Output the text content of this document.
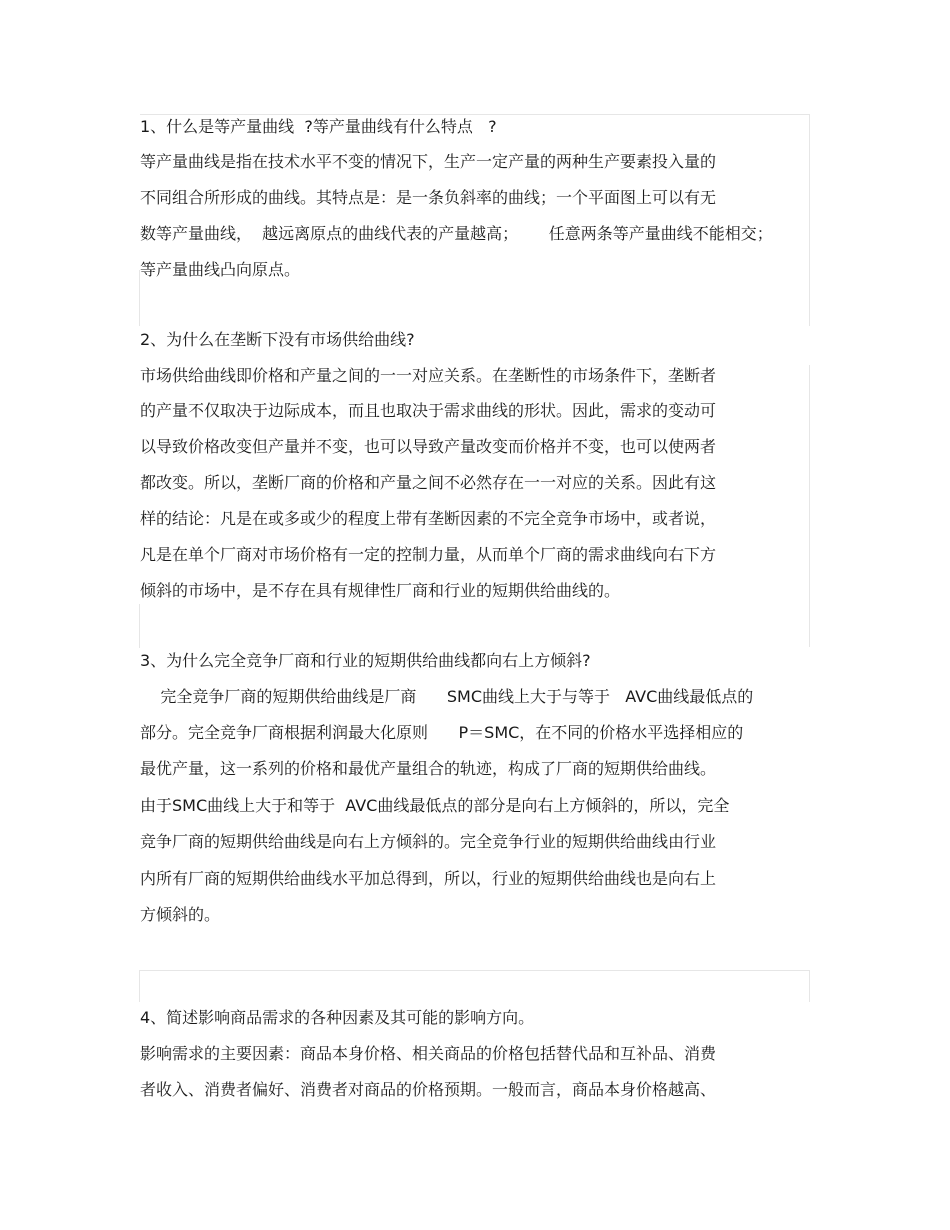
1、什么是等产量曲线  ?等产量曲线有什么特点   ?
等产量曲线是指在技术水平不变的情况下，生产一定产量的两种生产要素投入量的
不同组合所形成的曲线。其特点是：是一条负斜率的曲线；一个平面图上可以有无
数等产量曲线，  越远离原点的曲线代表的产量越高；      任意两条等产量曲线不能相交；
等产量曲线凸向原点。
2、为什么在垄断下没有市场供给曲线?
市场供给曲线即价格和产量之间的一一对应关系。在垄断性的市场条件下，垄断者
的产量不仅取决于边际成本，而且也取决于需求曲线的形状。因此，需求的变动可
以导致价格改变但产量并不变，也可以导致产量改变而价格并不变，也可以使两者
都改变。所以，垄断厂商的价格和产量之间不必然存在一一对应的关系。因此有这
样的结论：凡是在或多或少的程度上带有垄断因素的不完全竞争市场中，或者说，
凡是在单个厂商对市场价格有一定的控制力量，从而单个厂商的需求曲线向右下方
倾斜的市场中，是不存在具有规律性厂商和行业的短期供给曲线的。
3、为什么完全竞争厂商和行业的短期供给曲线都向右上方倾斜?
完全竞争厂商的短期供给曲线是厂商      SMC曲线上大于与等于   AVC曲线最低点的
部分。完全竞争厂商根据利润最大化原则      P＝SMC，在不同的价格水平选择相应的
最优产量，这一系列的价格和最优产量组合的轨迹，构成了厂商的短期供给曲线。
由于SMC曲线上大于和等于  AVC曲线最低点的部分是向右上方倾斜的，所以，完全
竞争厂商的短期供给曲线是向右上方倾斜的。完全竞争行业的短期供给曲线由行业
内所有厂商的短期供给曲线水平加总得到，所以，行业的短期供给曲线也是向右上
方倾斜的。
4、简述影响商品需求的各种因素及其可能的影响方向。
影响需求的主要因素：商品本身价格、相关商品的价格包括替代品和互补品、消费
者收入、消费者偏好、消费者对商品的价格预期。一般而言，商品本身价格越高、
